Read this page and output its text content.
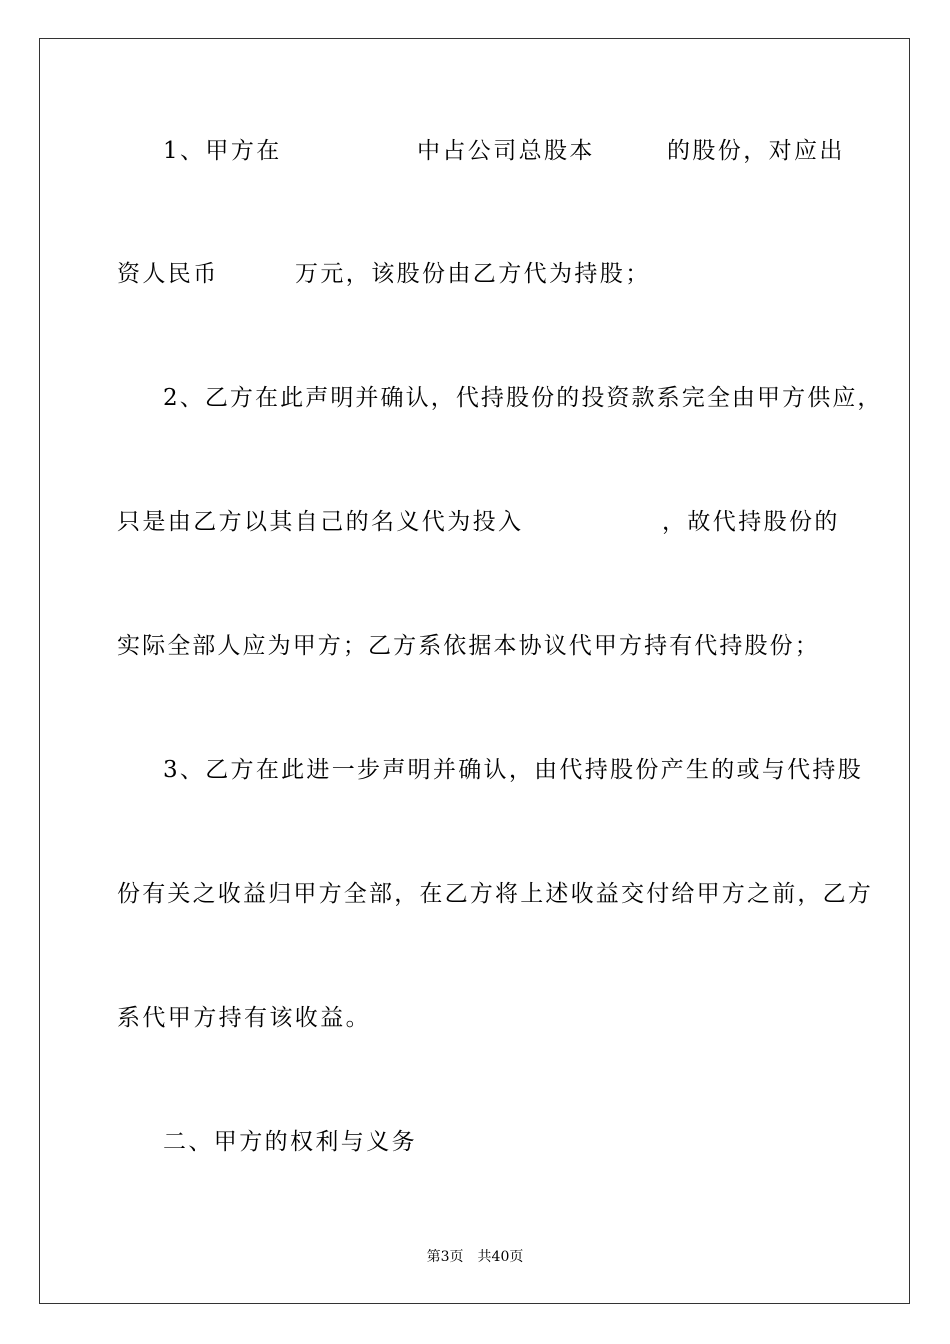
1、甲方在	中占公司总股本	的股份，对应出
资人民币	万元，该股份由乙方代为持股；
2、乙方在此声明并确认，代持股份的投资款系完全由甲方供应，
只是由乙方以其自己的名义代为投入	，故代持股份的
实际全部人应为甲方；乙方系依据本协议代甲方持有代持股份；
3、乙方在此进一步声明并确认，由代持股份产生的或与代持股
份有关之收益归甲方全部，在乙方将上述收益交付给甲方之前，乙方
系代甲方持有该收益。
二、甲方的权利与义务
第3页　共40页
